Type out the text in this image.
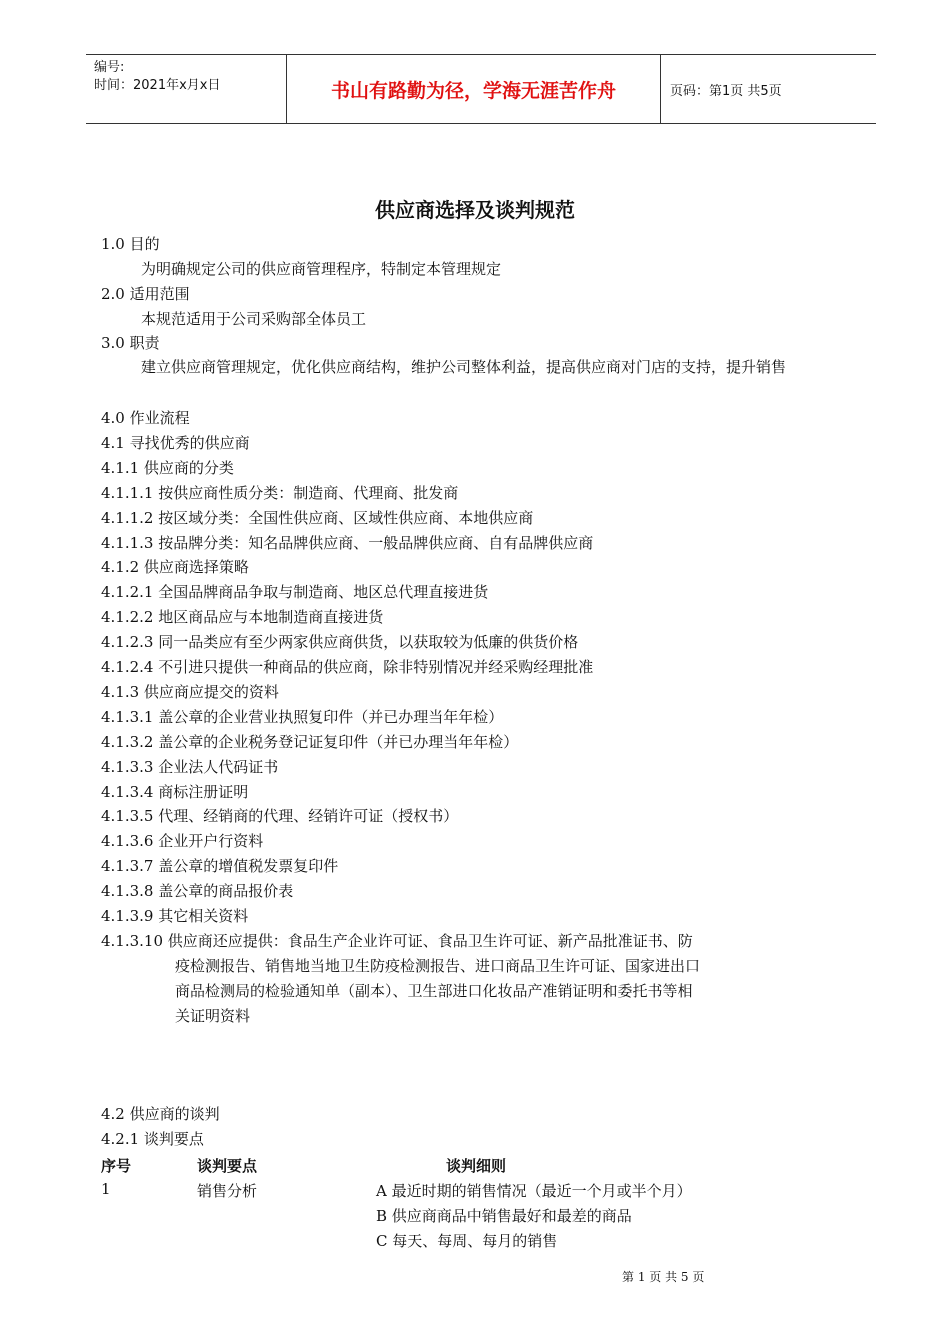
编号:
时间：2021年x月x日	书山有路勤为径，学海无涯苦作舟	页码：第1页 共5页
供应商选择及谈判规范
1.0 目的
为明确规定公司的供应商管理程序，特制定本管理规定
2.0 适用范围
本规范适用于公司采购部全体员工
3.0 职责
建立供应商管理规定，优化供应商结构，维护公司整体利益，提高供应商对门店的支持，提升销售
4.0 作业流程
4.1 寻找优秀的供应商
4.1.1 供应商的分类
4.1.1.1 按供应商性质分类：制造商、代理商、批发商
4.1.1.2 按区域分类：全国性供应商、区域性供应商、本地供应商
4.1.1.3 按品牌分类：知名品牌供应商、一般品牌供应商、自有品牌供应商
4.1.2 供应商选择策略
4.1.2.1 全国品牌商品争取与制造商、地区总代理直接进货
4.1.2.2 地区商品应与本地制造商直接进货
4.1.2.3 同一品类应有至少两家供应商供货，以获取较为低廉的供货价格
4.1.2.4 不引进只提供一种商品的供应商，除非特别情况并经采购经理批准
4.1.3 供应商应提交的资料
4.1.3.1 盖公章的企业营业执照复印件（并已办理当年年检）
4.1.3.2 盖公章的企业税务登记证复印件（并已办理当年年检）
4.1.3.3 企业法人代码证书
4.1.3.4 商标注册证明
4.1.3.5 代理、经销商的代理、经销许可证（授权书）
4.1.3.6 企业开户行资料
4.1.3.7 盖公章的增值税发票复印件
4.1.3.8 盖公章的商品报价表
4.1.3.9 其它相关资料
4.1.3.10 供应商还应提供：食品生产企业许可证、食品卫生许可证、新产品批准证书、防
疫检测报告、销售地当地卫生防疫检测报告、进口商品卫生许可证、国家进出口
商品检测局的检验通知单（副本）、卫生部进口化妆品产准销证明和委托书等相
关证明资料
4.2 供应商的谈判
4.2.1 谈判要点
序号	谈判要点	谈判细则
1	销售分析	A 最近时期的销售情况（最近一个月或半个月）
B 供应商商品中销售最好和最差的商品
C 每天、每周、每月的销售
第 1 页 共 5 页
